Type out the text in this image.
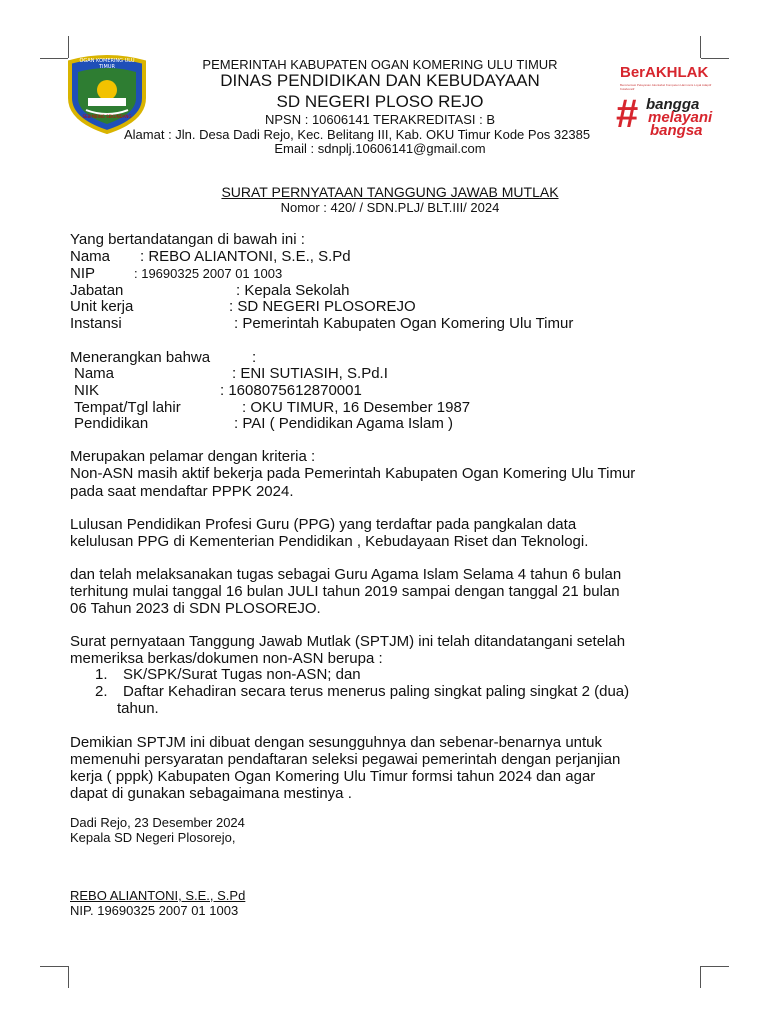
OGAN KOMERING ULU TIMUR
SEBIMBING SEKUNDANG
PEMERINTAH KABUPATEN OGAN KOMERING ULU TIMUR
DINAS PENDIDIKAN DAN KEBUDAYAAN
SD NEGERI PLOSO REJO
NPSN : 10606141 TERAKREDITASI : B
Alamat : Jln. Desa Dadi Rejo, Kec. Belitang III, Kab. OKU Timur Kode Pos 32385
Email : sdnplj.10606141@gmail.com
BerAKHLAK
Berorientasi Pelayanan Akuntabel Kompeten Harmonis Loyal Adaptif Kolaboratif
# bangga
melayani
bangsa
SURAT PERNYATAAN TANGGUNG JAWAB MUTLAK
Nomor : 420/ / SDN.PLJ/ BLT.III/ 2024
Yang bertandatangan di bawah ini :
Nama : REBO ALIANTONI, S.E., S.Pd
NIP	: 19690325 2007 01 1003
Jabatan	: Kepala Sekolah
Unit kerja	: SD NEGERI PLOSOREJO
Instansi	: Pemerintah Kabupaten Ogan Komering Ulu Timur
Menerangkan bahwa	:
Nama	: ENI SUTIASIH, S.Pd.I
NIK	: 1608075612870001
Tempat/Tgl lahir	: OKU TIMUR, 16 Desember 1987
Pendidikan	: PAI ( Pendidikan Agama Islam )
Merupakan pelamar dengan kriteria :
Non-ASN masih aktif bekerja pada Pemerintah Kabupaten Ogan Komering Ulu Timur
pada saat mendaftar PPPK 2024.
Lulusan Pendidikan Profesi Guru (PPG) yang terdaftar pada pangkalan data
kelulusan PPG di Kementerian Pendidikan , Kebudayaan Riset dan Teknologi.
dan telah melaksanakan tugas sebagai Guru Agama Islam Selama 4 tahun 6 bulan
terhitung mulai tanggal 16 bulan JULI tahun 2019 sampai dengan tanggal 21 bulan
06 Tahun 2023 di SDN PLOSOREJO.
Surat pernyataan Tanggung Jawab Mutlak (SPTJM) ini telah ditandatangani setelah
memeriksa berkas/dokumen non-ASN berupa :
1. SK/SPK/Surat Tugas non-ASN; dan
2. Daftar Kehadiran secara terus menerus paling singkat paling singkat 2 (dua)
tahun.
Demikian SPTJM ini dibuat dengan sesungguhnya dan sebenar-benarnya untuk
memenuhi persyaratan pendaftaran seleksi pegawai pemerintah dengan perjanjian
kerja ( pppk) Kabupaten Ogan Komering Ulu Timur formsi tahun 2024 dan agar
dapat di gunakan sebagaimana mestinya .
Dadi Rejo, 23 Desember 2024
Kepala SD Negeri Plosorejo,
REBO ALIANTONI, S.E., S.Pd
NIP. 19690325 2007 01 1003
